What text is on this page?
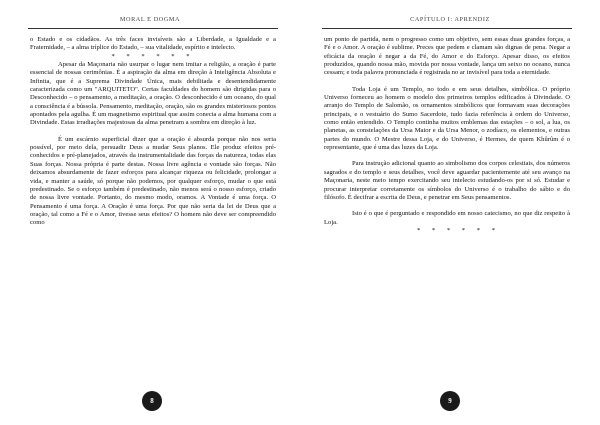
MORAL E DOGMA

o Estado e os cidadãos. As três faces invisíveis são a Liberdade, a Igualdade e a Fraternidade, – a alma tríplice do Estado, – sua vitalidade, espírito e intelecto.

* * * * * *

Apesar da Maçonaria não usurpar o lugar nem imitar a religião, a oração é parte essencial de nossas cerimônias. É a aspiração da alma em direção à Inteligência Absoluta e Infinita, que é a Suprema Divindade Única, mais debilitada e desentendidamente caracterizada como um "ARQUITETO". Certas faculdades do homem são dirigidas para o Desconhecido – o pensamento, a meditação, a oração. O desconhecido é um oceano, do qual a consciência é a bússola. Pensamento, meditação, oração, são os grandes misteriosos pontos apontados pela agulha. É um magnetismo espiritual que assim conecta a alma humana com a Divindade. Estas irradiações majestosas da alma penetram a sombra em direção à luz.

É um escárnio superficial dizer que a oração é absurda porque não nos seria possível, por meio dela, persuadir Deus a mudar Seus planos. Ele produz efeitos pré-conhecidos e pré-planejados, através da instrumentalidade das forças da natureza, todas elas Suas forças. Nossa própria é parte destas. Nossa livre agência e vontade são forças. Não deixamos absurdamente de fazer esforços para alcançar riqueza ou felicidade, prolongar a vida, e manter a saúde, só porque não podemos, por qualquer esforço, mudar o que está predestinado. Se o esforço também é predestinado, não menos será o nosso esforço, criado de nossa livre vontade. Portanto, do mesmo modo, oramos. A Vontade é uma força. O Pensamento é uma força. A Oração é uma força. Por que não seria da lei de Deus que a oração, tal como a Fé e o Amor, tivesse seus efeitos? O homem não deve ser compreendido como

8
CAPÍTULO I: APRENDIZ

um ponto de partida, nem o progresso como um objetivo, sem essas duas grandes forças, a Fé e o Amor. A oração é sublime. Preces que pedem e clamam são dignas de pena. Negar a eficácia da oração é negar a da Fé, do Amor e do Esforço. Apesar disso, os efeitos produzidos, quando nossa mão, movida por nossa vontade, lança um seixo no oceano, nunca cessam; e toda palavra pronunciada é registrada no ar invisível para toda a eternidade.

Toda Loja é um Templo, no todo e em seus detalhes, simbólica. O próprio Universo forneceu ao homem o modelo dos primeiros templos edificados à Divindade. O arranjo do Templo de Salomão, os ornamentos simbólicos que formavam suas decorações principais, e o vestuário do Sumo Sacerdote, tudo fazia referência à ordem do Universo, como então entendido. O Templo continha muitos emblemas das estações – o sol, a lua, os planetas, as constelações da Ursa Maior e da Ursa Menor, o zodíaco, os elementos, e outras partes do mundo. O Mestre dessa Loja, e do Universo, é Hermes, de quem Khûrûm é o representante, que é uma das luzes da Loja.

Para instrução adicional quanto ao simbolismo dos corpos celestiais, dos números sagrados e do templo e seus detalhes, você deve aguardar pacientemente até seu avanço na Maçonaria, neste meio tempo exercitando seu intelecto estudando-os por si só. Estudar e procurar interpretar corretamente os símbolos do Universo é o trabalho do sábio e do filósofo. É decifrar a escrita de Deus, e penetrar em Seus pensamentos.

Isto é o que é perguntado e respondido em nosso catecismo, no que diz respeito à Loja.

* * * * * *

9
